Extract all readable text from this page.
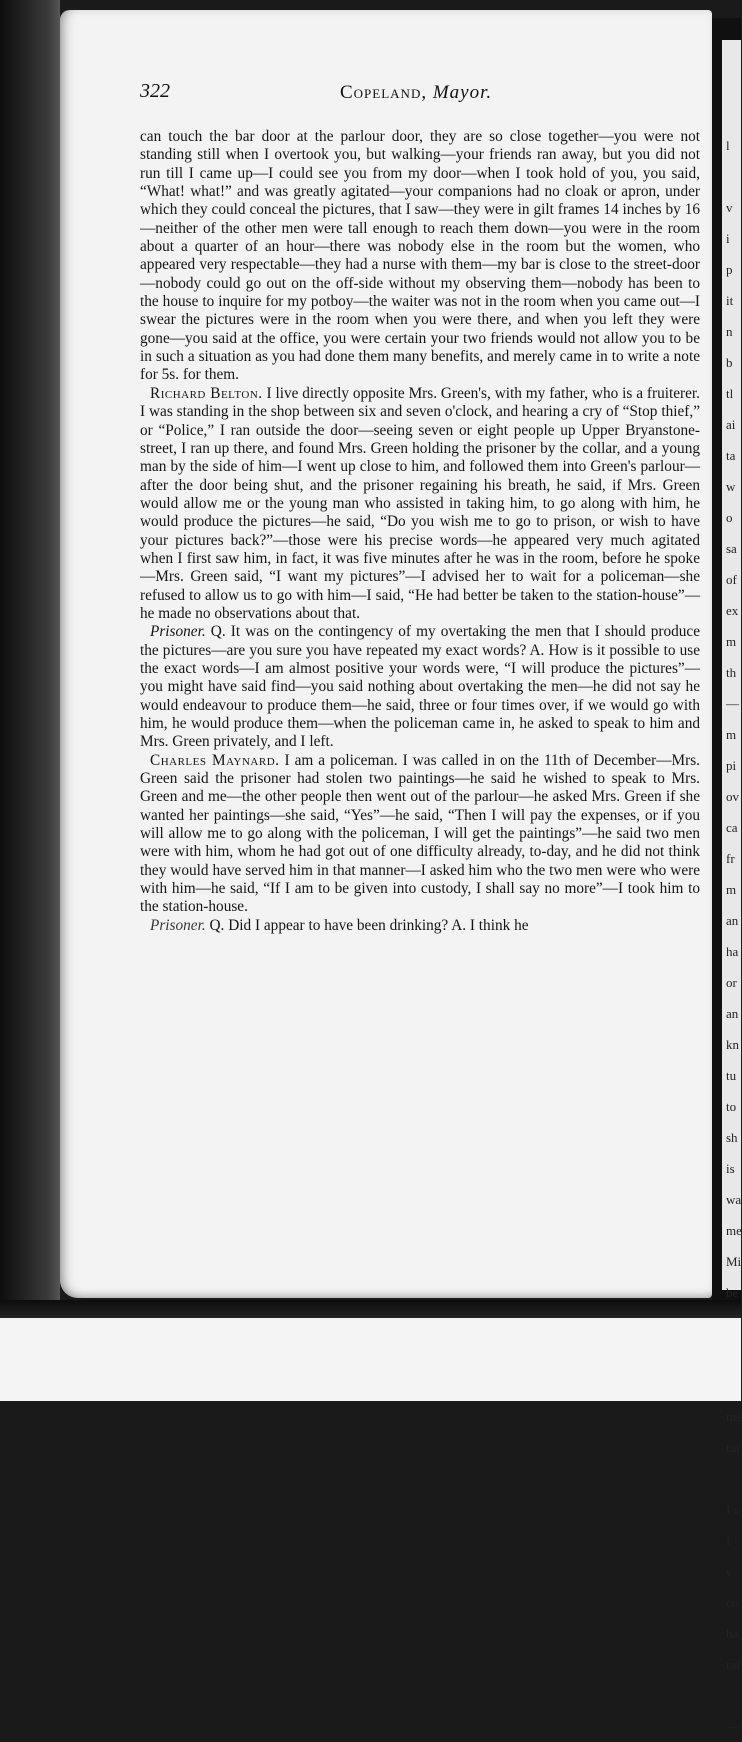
l

v
i
p
it
n
b
tl
ai
ta
w
o
sa
of
ex
m
th
—
m
pi
ov
ca
fr
m
an
ha
or
an
kn
tu
to
sh
is
wa
me
Mi
be

me
tui

I s
I v
cu
ha
rai

—
322	Copeland, Mayor.

can touch the bar door at the parlour door, they are so close together—you were not standing still when I overtook you, but walking—your friends ran away, but you did not run till I came up—I could see you from my door—when I took hold of you, you said, “What! what!” and was greatly agitated—your companions had no cloak or apron, under which they could conceal the pictures, that I saw—they were in gilt frames 14 inches by 16—neither of the other men were tall enough to reach them down—you were in the room about a quarter of an hour—there was nobody else in the room but the women, who appeared very respectable—they had a nurse with them—my bar is close to the street-door—nobody could go out on the off-side without my observing them—nobody has been to the house to inquire for my potboy—the waiter was not in the room when you came out—I swear the pictures were in the room when you were there, and when you left they were gone—you said at the office, you were certain your two friends would not allow you to be in such a situation as you had done them many benefits, and merely came in to write a note for 5s. for them.

Richard Belton. I live directly opposite Mrs. Green's, with my father, who is a fruiterer. I was standing in the shop between six and seven o'clock, and hearing a cry of “Stop thief,” or “Police,” I ran outside the door—seeing seven or eight people up Upper Bryanstone-street, I ran up there, and found Mrs. Green holding the prisoner by the collar, and a young man by the side of him—I went up close to him, and followed them into Green's parlour—after the door being shut, and the prisoner regaining his breath, he said, if Mrs. Green would allow me or the young man who assisted in taking him, to go along with him, he would produce the pictures—he said, “Do you wish me to go to prison, or wish to have your pictures back?”—those were his precise words—he appeared very much agitated when I first saw him, in fact, it was five minutes after he was in the room, before he spoke—Mrs. Green said, “I want my pictures”—I advised her to wait for a policeman—she refused to allow us to go with him—I said, “He had better be taken to the station-house”—he made no observations about that.

Prisoner. Q. It was on the contingency of my overtaking the men that I should produce the pictures—are you sure you have repeated my exact words? A. How is it possible to use the exact words—I am almost positive your words were, “I will produce the pictures”—you might have said find—you said nothing about overtaking the men—he did not say he would endeavour to produce them—he said, three or four times over, if we would go with him, he would produce them—when the policeman came in, he asked to speak to him and Mrs. Green privately, and I left.

Charles Maynard. I am a policeman. I was called in on the 11th of December—Mrs. Green said the prisoner had stolen two paintings—he said he wished to speak to Mrs. Green and me—the other people then went out of the parlour—he asked Mrs. Green if she wanted her paintings—she said, “Yes”—he said, “Then I will pay the expenses, or if you will allow me to go along with the policeman, I will get the paintings”—he said two men were with him, whom he had got out of one difficulty already, to-day, and he did not think they would have served him in that manner—I asked him who the two men were who were with him—he said, “If I am to be given into custody, I shall say no more”—I took him to the station-house.

Prisoner. Q. Did I appear to have been drinking? A. I think he
